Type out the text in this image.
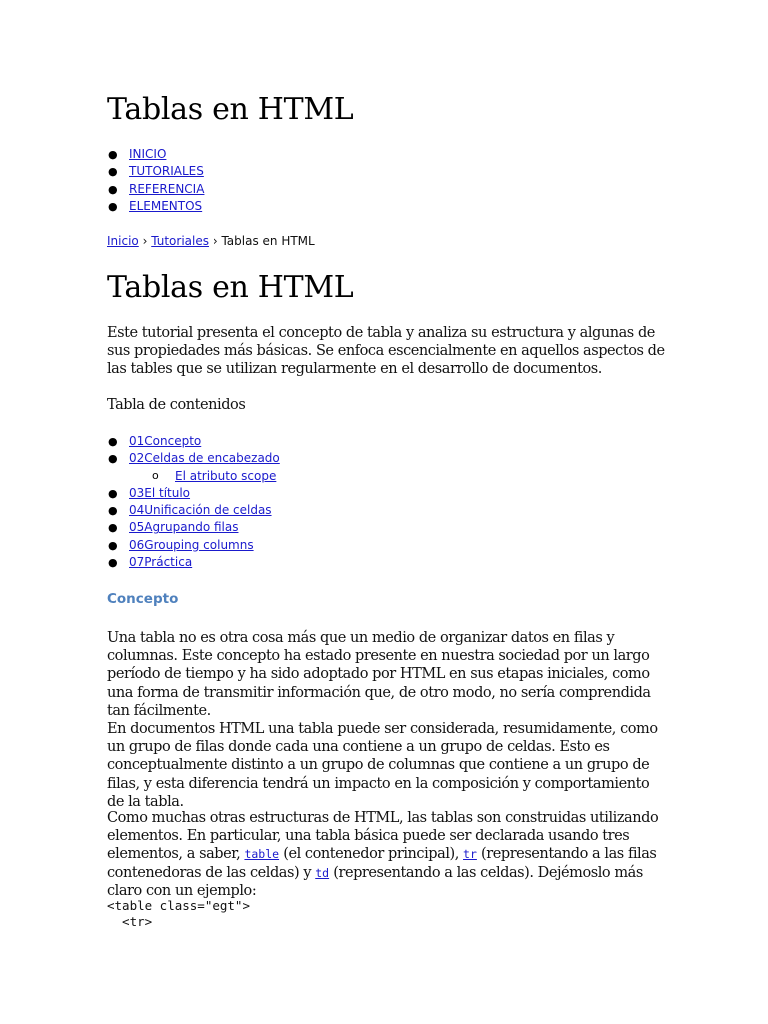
Tablas en HTML
● INICIO
● TUTORIALES
● REFERENCIA
● ELEMENTOS
Inicio › Tutoriales › Tablas en HTML
Tablas en HTML

Este tutorial presenta el concepto de tabla y analiza su estructura y algunas de sus propiedades más básicas. Se enfoca escencialmente en aquellos aspectos de las tables que se utilizan regularmente en el desarrollo de documentos.

Tabla de contenidos

● 01Concepto
● 02Celdas de encabezado
o El atributo scope
● 03El título
● 04Unificación de celdas
● 05Agrupando filas
● 06Grouping columns
● 07Práctica
Concepto

Una tabla no es otra cosa más que un medio de organizar datos en filas y columnas. Este concepto ha estado presente en nuestra sociedad por un largo período de tiempo y ha sido adoptado por HTML en sus etapas iniciales, como una forma de transmitir información que, de otro modo, no sería comprendida tan fácilmente.

En documentos HTML una tabla puede ser considerada, resumidamente, como un grupo de filas donde cada una contiene a un grupo de celdas. Esto es conceptualmente distinto a un grupo de columnas que contiene a un grupo de filas, y esta diferencia tendrá un impacto en la composición y comportamiento de la tabla.

Como muchas otras estructuras de HTML, las tablas son construidas utilizando elementos. En particular, una tabla básica puede ser declarada usando tres elementos, a saber, table (el contenedor principal), tr (representando a las filas contenedoras de las celdas) y td (representando a las celdas). Dejémoslo más claro con un ejemplo:

<table class="egt">
<tr>
